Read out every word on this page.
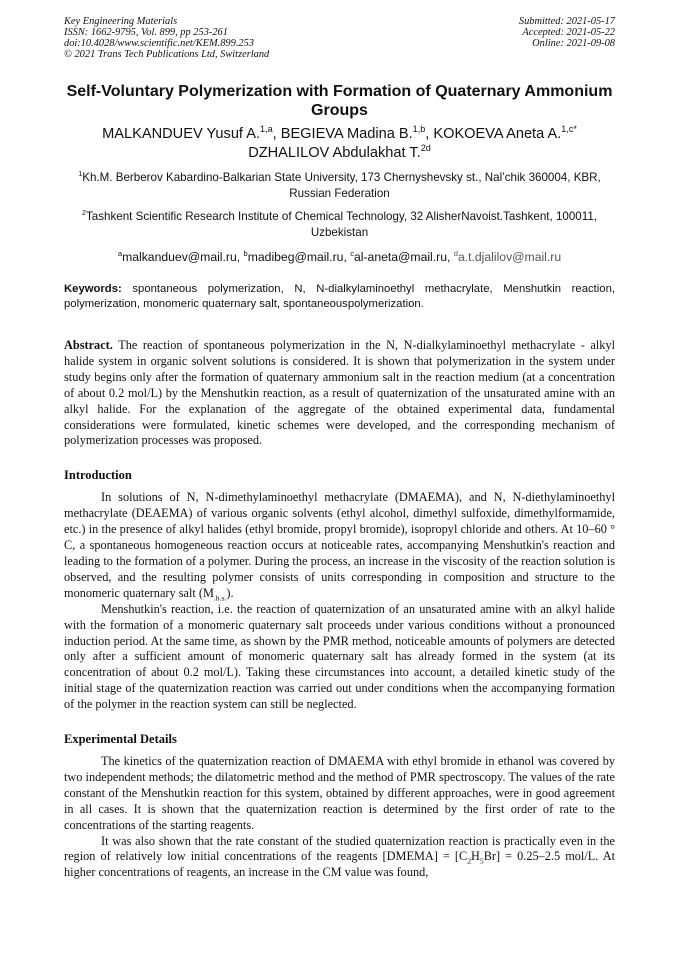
Key Engineering Materials
ISSN: 1662-9795, Vol. 899, pp 253-261
doi:10.4028/www.scientific.net/KEM.899.253
© 2021 Trans Tech Publications Ltd, Switzerland
Submitted: 2021-05-17
Accepted: 2021-05-22
Online: 2021-09-08
Self-Voluntary Polymerization with Formation of Quaternary Ammonium Groups
MALKANDUEV Yusuf A.$^{1,a}$, BEGIEVA Madina B.$^{1,b}$, KOKOEVA Aneta A.$^{1,c*}$
DZHALILOV Abdulakhat T.$^{2d}$
$^1$Kh.M. Berberov Kabardino-Balkarian State University, 173 Chernyshevsky st., Nal’chik 360004, KBR, Russian Federation
$^2$Tashkent Scientific Research Institute of Chemical Technology, 32 AlisherNavoist.Tashkent, 100011, Uzbekistan
$^a$malkanduev@mail.ru, $^b$madibeg@mail.ru, $^c$al-aneta@mail.ru, $^d$a.t.djalilov@mail.ru
Keywords: spontaneous polymerization, N, N-dialkylaminoethyl methacrylate, Menshutkin reaction, polymerization, monomeric quaternary salt, spontaneouspolymerization.

Abstract. The reaction of spontaneous polymerization in the N, N-dialkylaminoethyl methacrylate - alkyl halide system in organic solvent solutions is considered. It is shown that polymerization in the system under study begins only after the formation of quaternary ammonium salt in the reaction medium (at a concentration of about 0.2 mol/L) by the Menshutkin reaction, as a result of quaternization of the unsaturated amine with an alkyl halide. For the explanation of the aggregate of the obtained experimental data, fundamental considerations were formulated, kinetic schemes were developed, and the corresponding mechanism of polymerization processes was proposed.

Introduction

In solutions of N, N-dimethylaminoethyl methacrylate (DMAEMA), and N, N-diethylaminoethyl methacrylate (DEAEMA) of various organic solvents (ethyl alcohol, dimethyl sulfoxide, dimethylformamide, etc.) in the presence of alkyl halides (ethyl bromide, propyl bromide), isopropyl chloride and others. At 10–60 ° C, a spontaneous homogeneous reaction occurs at noticeable rates, accompanying Menshutkin's reaction and leading to the formation of a polymer. During the process, an increase in the viscosity of the reaction solution is observed, and the resulting polymer consists of units corresponding in composition and structure to the monomeric quaternary salt $(M_{.h.s.})$.

Menshutkin's reaction, i.e. the reaction of quaternization of an unsaturated amine with an alkyl halide with the formation of a monomeric quaternary salt proceeds under various conditions without a pronounced induction period. At the same time, as shown by the PMR method, noticeable amounts of polymers are detected only after a sufficient amount of monomeric quaternary salt has already formed in the system (at its concentration of about 0.2 mol/L). Taking these circumstances into account, a detailed kinetic study of the initial stage of the quaternization reaction was carried out under conditions when the accompanying formation of the polymer in the reaction system can still be neglected.

Experimental Details

The kinetics of the quaternization reaction of DMAEMA with ethyl bromide in ethanol was covered by two independent methods; the dilatometric method and the method of PMR spectroscopy. The values of the rate constant of the Menshutkin reaction for this system, obtained by different approaches, were in good agreement in all cases. It is shown that the quaternization reaction is determined by the first order of rate to the concentrations of the starting reagents.

It was also shown that the rate constant of the studied quaternization reaction is practically even in the region of relatively low initial concentrations of the reagents [DMEMA] = $[C_2H_5Br] = 0.25-2.5$ mol/L. At higher concentrations of reagents, an increase in the CM value was found,
